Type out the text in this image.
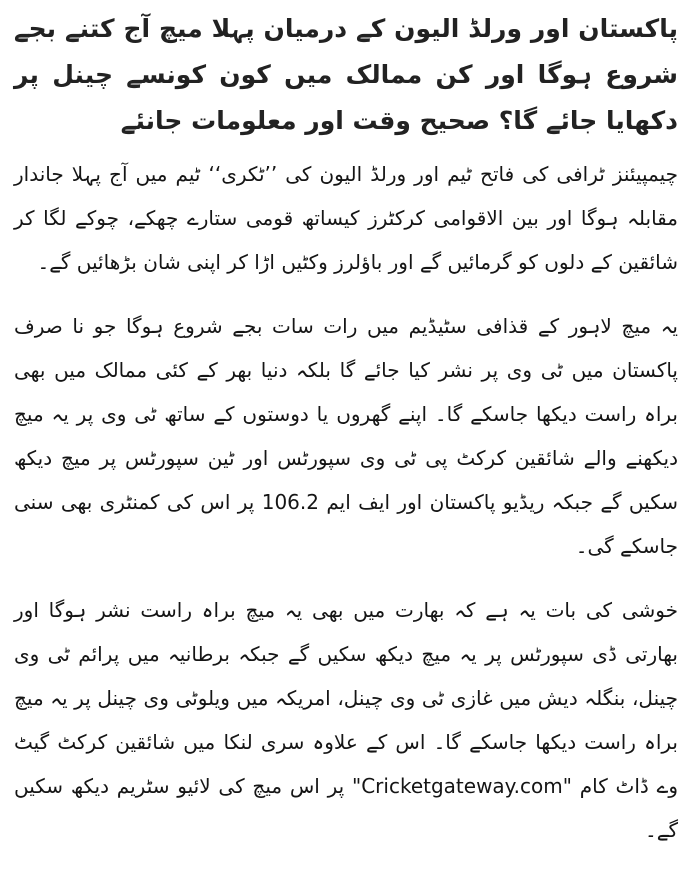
پاکستان اور ورلڈ الیون کے درمیان پہلا میچ آج کتنے بجے شروع ہوگا اور کن ممالک میں کون کونسے چینل پر دکھایا جائے گا؟ صحیح وقت اور معلومات جانئے

چیمپیئنز ٹرافی کی فاتح ٹیم اور ورلڈ الیون کی ’’ٹکری‘‘ ٹیم میں آج پہلا جاندار مقابلہ ہوگا اور بین الاقوامی کرکٹرز کیساتھ قومی ستارے چھکے، چوکے لگا کر شائقین کے دلوں کو گرمائیں گے اور باؤلرز وکٹیں اڑا کر اپنی شان بڑھائیں گے۔

یہ میچ لاہور کے قذافی سٹیڈیم میں رات سات بجے شروع ہوگا جو نا صرف پاکستان میں ٹی وی پر نشر کیا جائے گا بلکہ دنیا بھر کے کئی ممالک میں بھی براہ راست دیکھا جاسکے گا۔ اپنے گھروں یا دوستوں کے ساتھ ٹی وی پر یہ میچ دیکھنے والے شائقین کرکٹ پی ٹی وی سپورٹس اور ٹین سپورٹس پر میچ دیکھ سکیں گے جبکہ ریڈیو پاکستان اور ایف ایم 106.2 پر اس کی کمنٹری بھی سنی جاسکے گی۔

خوشی کی بات یہ ہے کہ بھارت میں بھی یہ میچ براہ راست نشر ہوگا اور بھارتی ڈی سپورٹس پر یہ میچ دیکھ سکیں گے جبکہ برطانیہ میں پرائم ٹی وی چینل، بنگلہ دیش میں غازی ٹی وی چینل، امریکہ میں ویلوٹی وی چینل پر یہ میچ براہ راست دیکھا جاسکے گا۔ اس کے علاوہ سری لنکا میں شائقین کرکٹ گیٹ وے ڈاٹ کام "Cricketgateway.com" پر اس میچ کی لائیو سٹریم دیکھ سکیں گے۔
